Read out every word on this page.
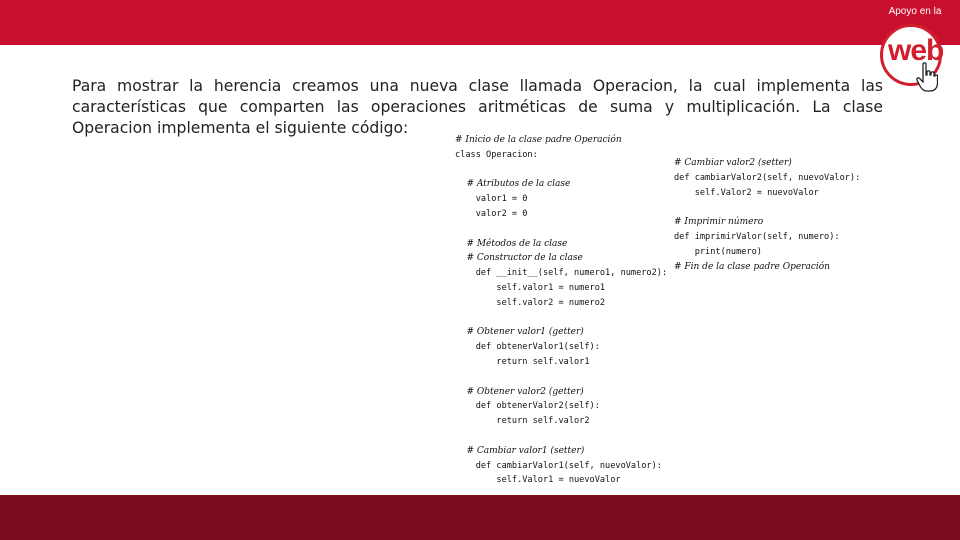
Apoyo en la
web

Para mostrar la herencia creamos una nueva clase llamada Operacion, la cual implementa las características que comparten las operaciones aritméticas de suma y multiplicación. La clase Operacion implementa el siguiente código:

# Inicio de la clase padre Operación
class Operacion:
# Atributos de la clase
valor1 = 0
valor2 = 0
# Métodos de la clase
# Constructor de la clase
def __init__(self, numero1, numero2):
self.valor1 = numero1
self.valor2 = numero2
# Obtener valor1 (getter)
def obtenerValor1(self):
return self.valor1
# Obtener valor2 (getter)
def obtenerValor2(self):
return self.valor2
# Cambiar valor1 (setter)
def cambiarValor1(self, nuevoValor):
self.Valor1 = nuevoValor
# Cambiar valor2 (setter)
def cambiarValor2(self, nuevoValor):
self.Valor2 = nuevoValor
# Imprimir número
def imprimirValor(self, numero):
print(numero)
# Fin de la clase padre Operación
